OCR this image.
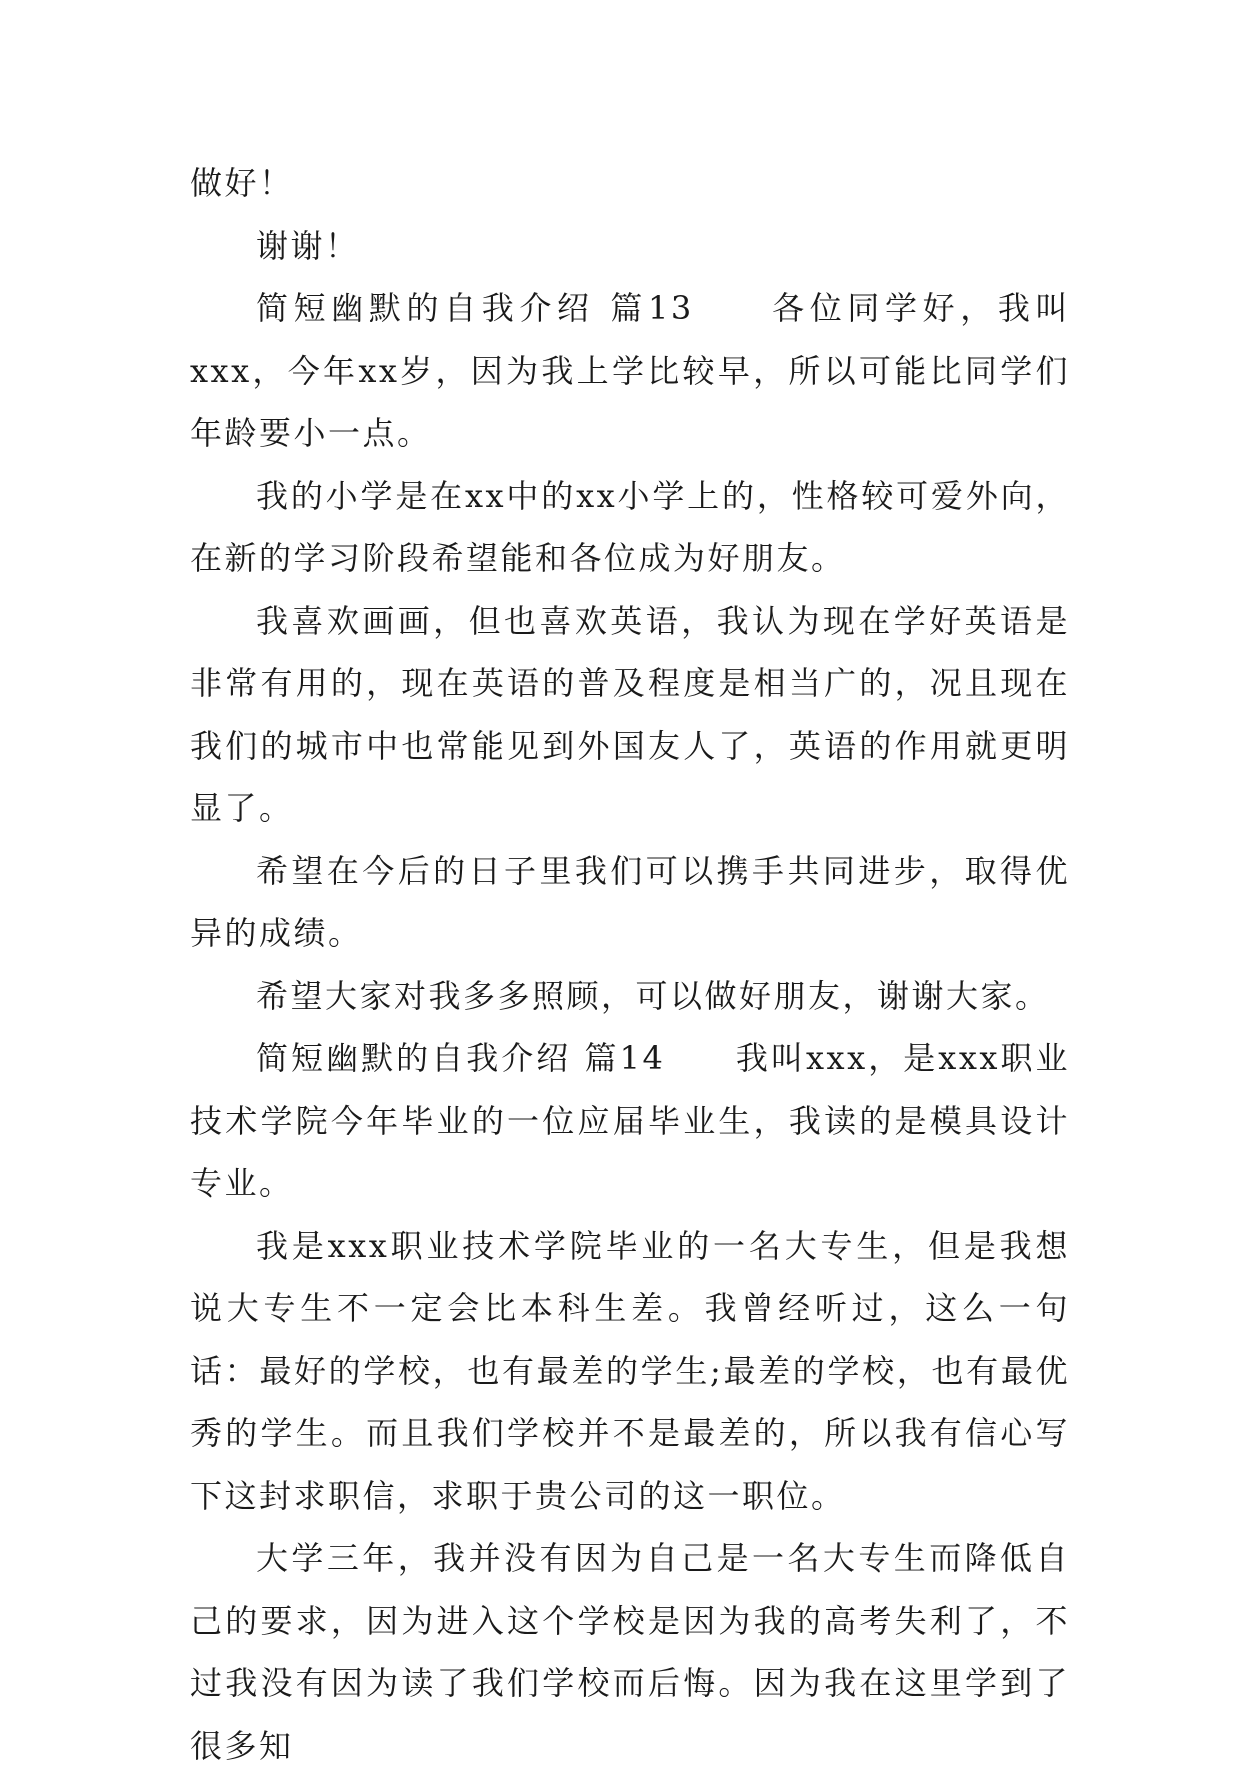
做好！

谢谢！

简短幽默的自我介绍 篇13　　各位同学好，我叫xxx，今年xx岁，因为我上学比较早，所以可能比同学们年龄要小一点。

我的小学是在xx中的xx小学上的，性格较可爱外向，在新的学习阶段希望能和各位成为好朋友。

我喜欢画画，但也喜欢英语，我认为现在学好英语是非常有用的，现在英语的普及程度是相当广的，况且现在我们的城市中也常能见到外国友人了，英语的作用就更明显了。

希望在今后的日子里我们可以携手共同进步，取得优异的成绩。

希望大家对我多多照顾，可以做好朋友，谢谢大家。

简短幽默的自我介绍 篇14　　我叫xxx，是xxx职业技术学院今年毕业的一位应届毕业生，我读的是模具设计专业。

我是xxx职业技术学院毕业的一名大专生，但是我想说大专生不一定会比本科生差。我曾经听过，这么一句话：最好的学校，也有最差的学生;最差的学校，也有最优秀的学生。而且我们学校并不是最差的，所以我有信心写下这封求职信，求职于贵公司的这一职位。

大学三年，我并没有因为自己是一名大专生而降低自己的要求，因为进入这个学校是因为我的高考失利了，不过我没有因为读了我们学校而后悔。因为我在这里学到了很多知
